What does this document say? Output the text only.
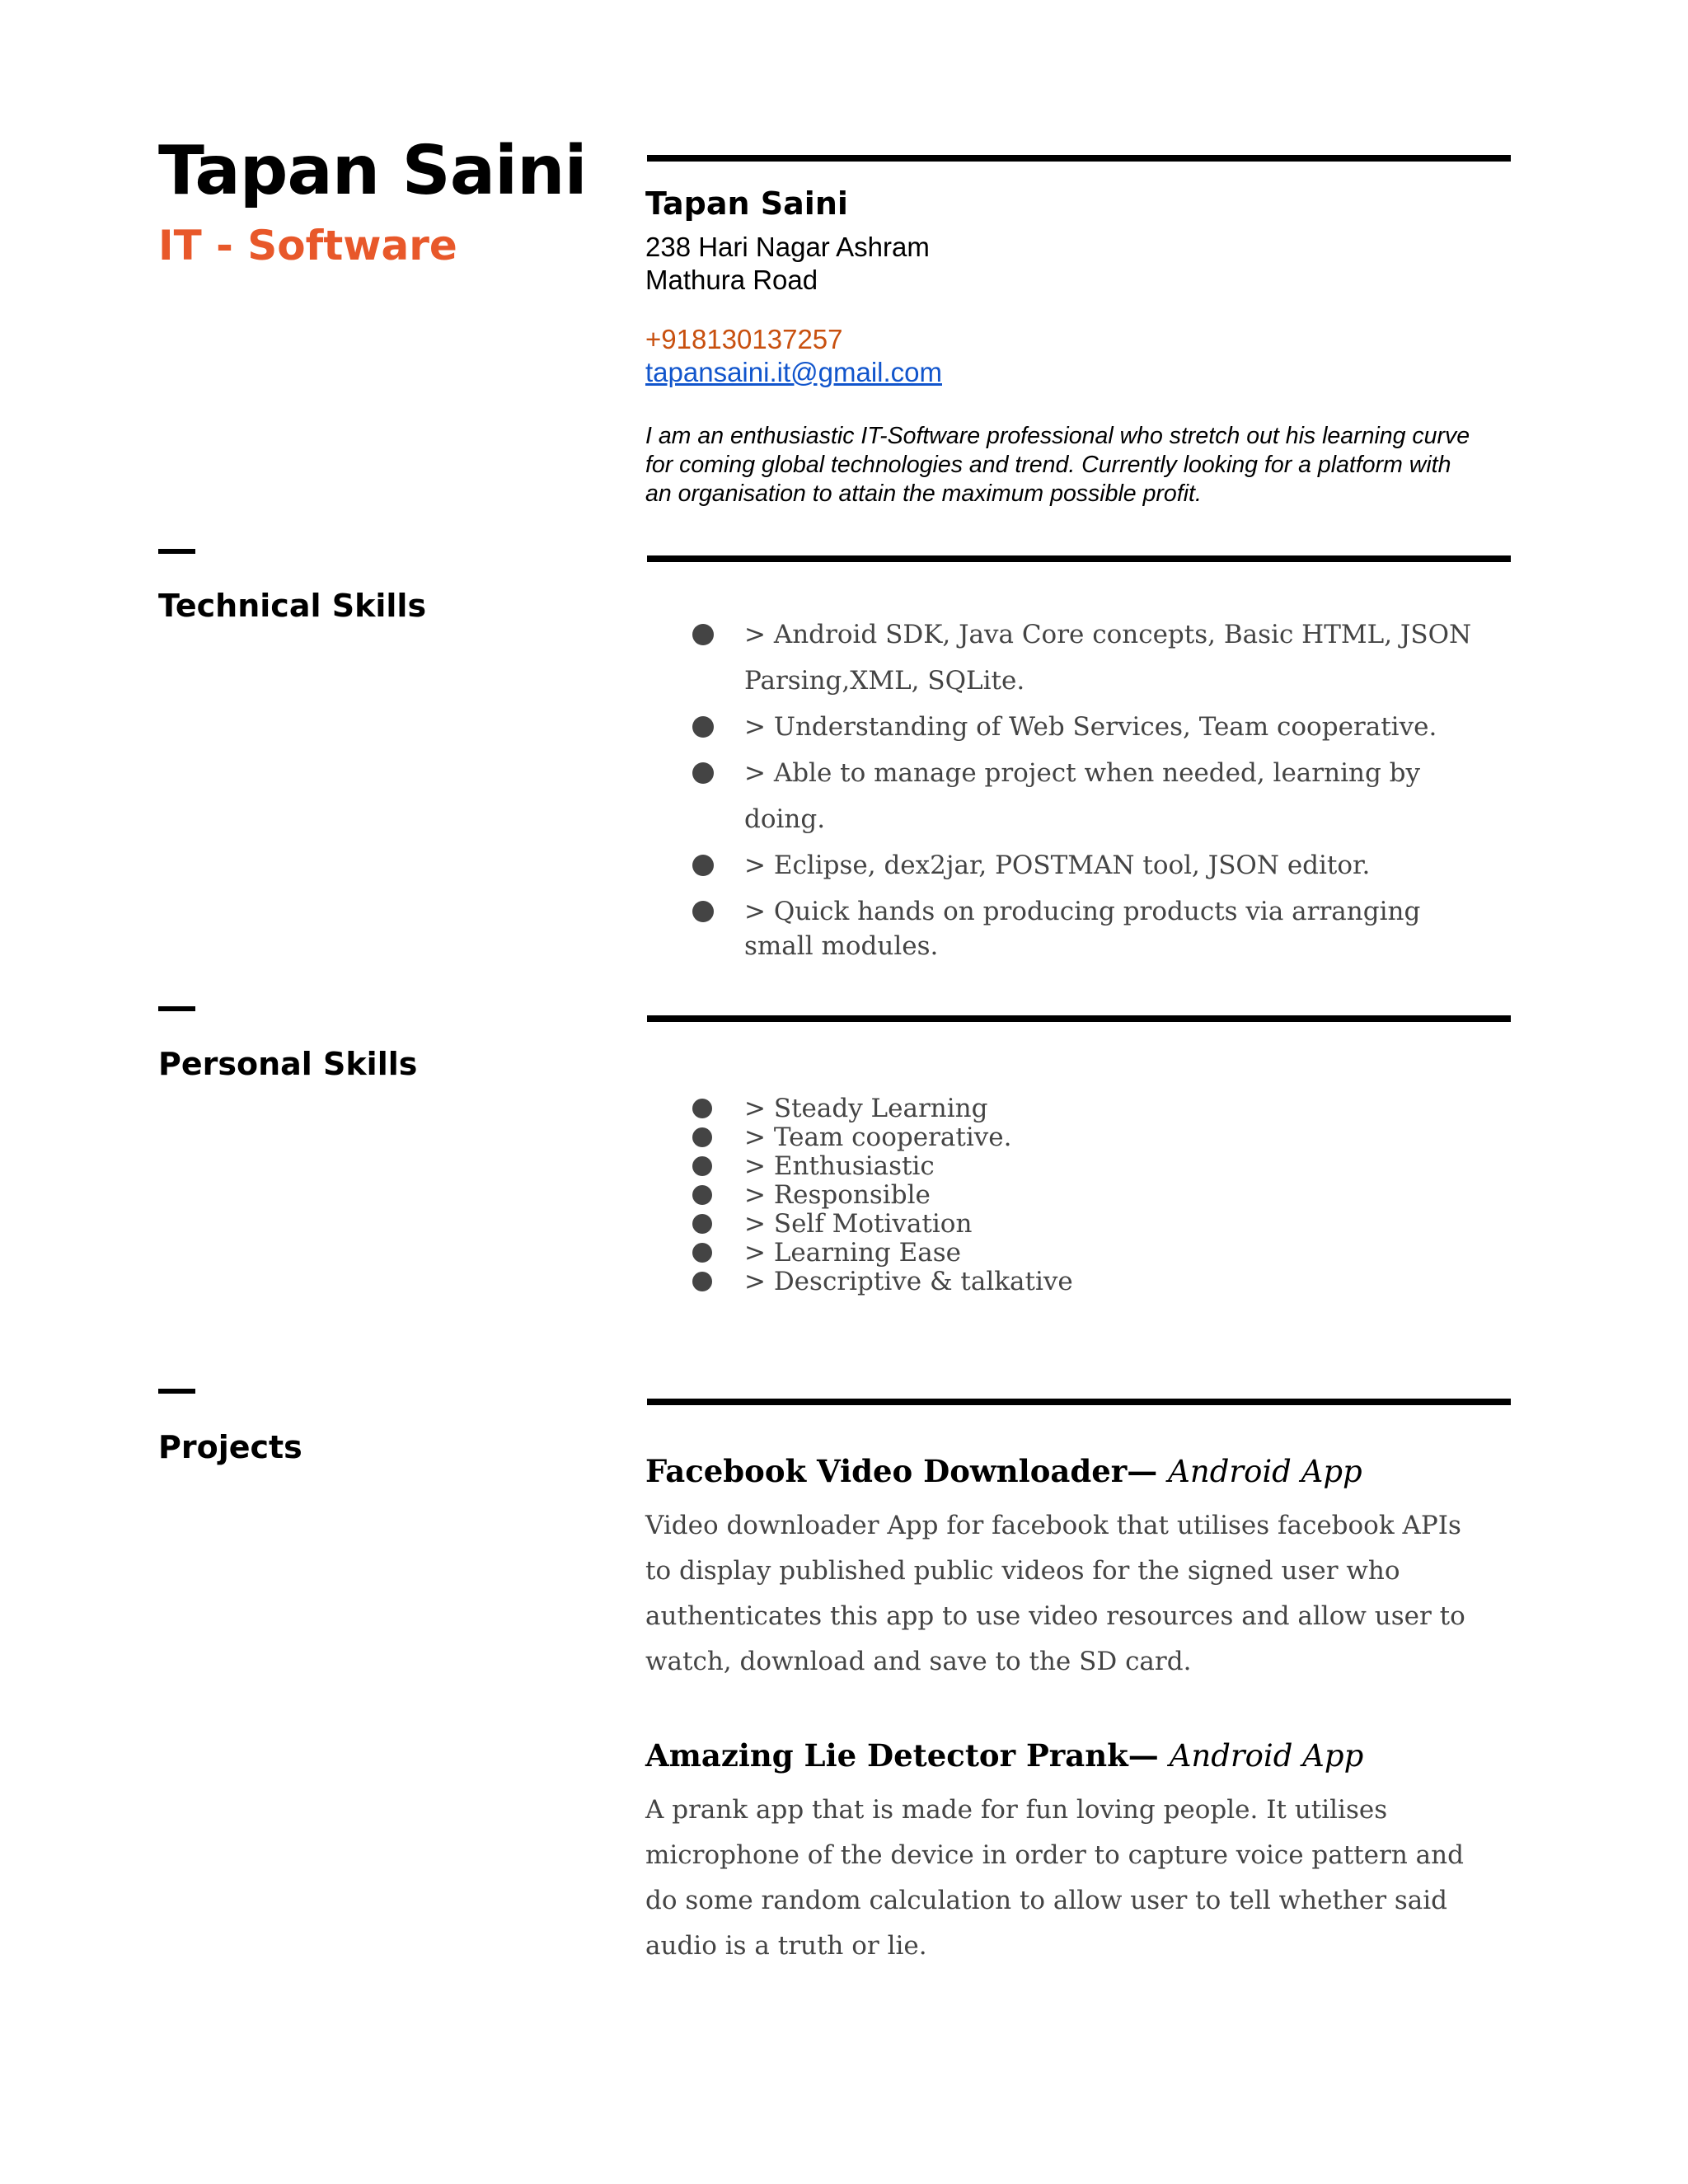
Tapan Saini
IT - Software
Technical Skills
Personal Skills
Projects
Tapan Saini
238 Hari Nagar Ashram
Mathura Road
+918130137257
tapansaini.it@gmail.com
I am an enthusiastic IT-Software professional who stretch out his learning curve for coming global technologies and trend. Currently looking for a platform with an organisation to attain the maximum possible profit.
> Android SDK, Java Core concepts, Basic HTML, JSON Parsing,XML, SQLite.
> Understanding of Web Services, Team cooperative.
> Able to manage project when needed, learning by doing.
> Eclipse, dex2jar, POSTMAN tool, JSON editor.
> Quick hands on producing products via arranging small modules.
> Steady Learning
> Team cooperative.
> Enthusiastic
> Responsible
> Self Motivation
> Learning Ease
> Descriptive & talkative
Facebook Video Downloader— Android App
Video downloader App for facebook that utilises facebook APIs to display published public videos for the signed user who authenticates this app to use video resources and allow user to watch, download and save to the SD card.
Amazing Lie Detector Prank— Android App
A prank app that is made for fun loving people. It utilises microphone of the device in order to capture voice pattern and do some random calculation to allow user to tell whether said audio is a truth or lie.
